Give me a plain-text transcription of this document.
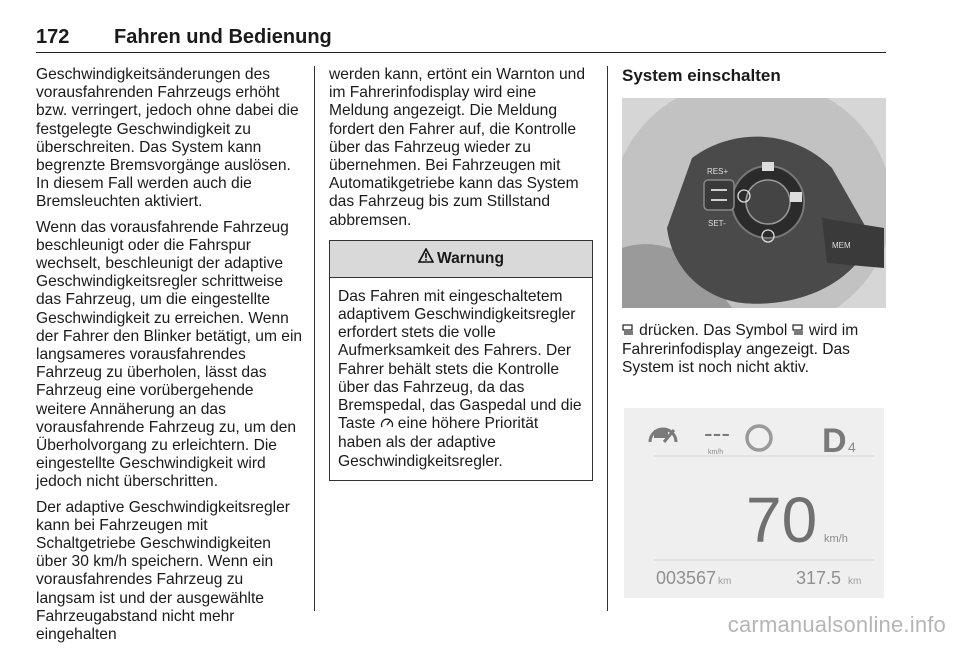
172 Fahren und Bedienung

Geschwindigkeitsänderungen des vorausfahrenden Fahrzeugs erhöht bzw. verringert, jedoch ohne dabei die festgelegte Geschwindigkeit zu überschreiten. Das System kann begrenzte Bremsvorgänge auslösen. In diesem Fall werden auch die Bremsleuchten aktiviert.

Wenn das vorausfahrende Fahrzeug beschleunigt oder die Fahrspur wechselt, beschleunigt der adaptive Geschwindigkeitsregler schrittweise das Fahrzeug, um die eingestellte Geschwindigkeit zu erreichen. Wenn der Fahrer den Blinker betätigt, um ein langsameres vorausfahrendes Fahrzeug zu überholen, lässt das Fahrzeug eine vorübergehende weitere Annäherung an das vorausfahrende Fahrzeug zu, um den Überholvorgang zu erleichtern. Die eingestellte Geschwindigkeit wird jedoch nicht überschritten.

Der adaptive Geschwindigkeitsregler kann bei Fahrzeugen mit Schaltgetriebe Geschwindigkeiten über 30 km/h speichern. Wenn ein vorausfahrendes Fahrzeug zu langsam ist und der ausgewählte Fahrzeugabstand nicht mehr eingehalten

werden kann, ertönt ein Warnton und im Fahrerinfodisplay wird eine Meldung angezeigt. Die Meldung fordert den Fahrer auf, die Kontrolle über das Fahrzeug wieder zu übernehmen. Bei Fahrzeugen mit Automatikgetriebe kann das System das Fahrzeug bis zum Stillstand abbremsen.

Warnung
Das Fahren mit eingeschaltetem adaptivem Geschwindigkeitsregler erfordert stets die volle Aufmerksamkeit des Fahrers. Der Fahrer behält stets die Kontrolle über das Fahrzeug, da das Bremspedal, das Gaspedal und die Taste eine höhere Priorität haben als der adaptive Geschwindigkeitsregler.
System einschalten
RES+
SET-
MEM
drücken. Das Symbol wird im Fahrerinfodisplay angezeigt. Das System ist noch nicht aktiv.
---
km/h	D 4
70 km/h
003567 km	317.5 km
carmanualsonline.info
